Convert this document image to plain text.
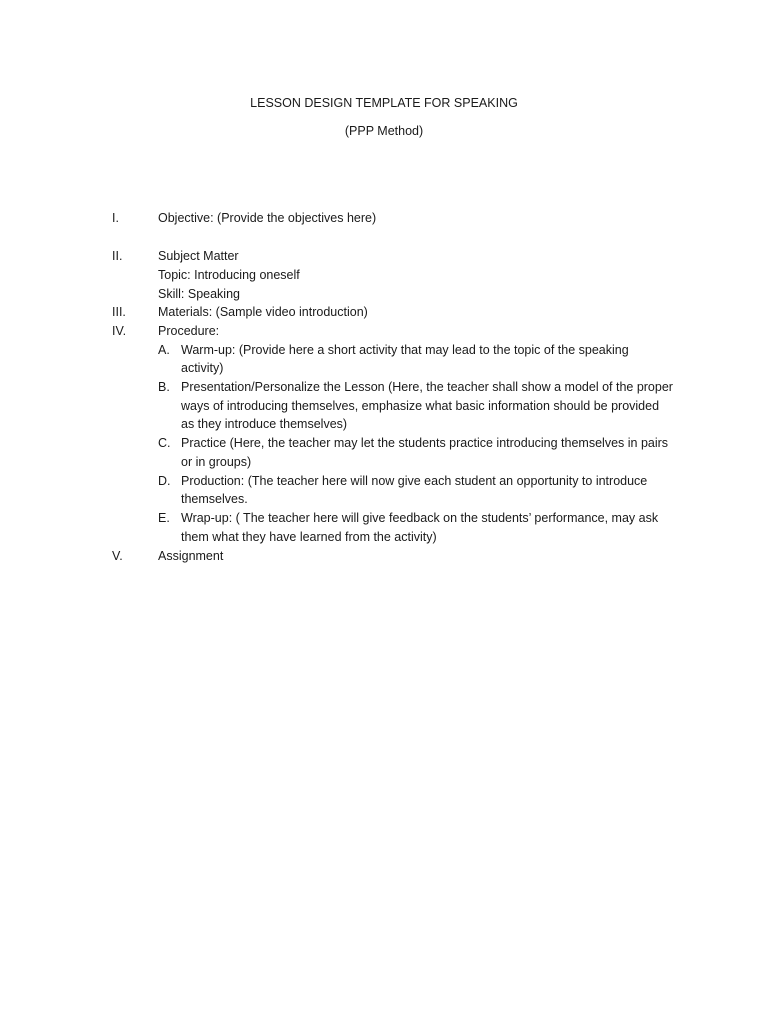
LESSON DESIGN TEMPLATE FOR SPEAKING
(PPP Method)
I.	Objective: (Provide the objectives here)
II.	Subject Matter
Topic: Introducing oneself
Skill: Speaking
III.	Materials: (Sample video introduction)
IV.	Procedure:
A. Warm-up: (Provide here a short activity that may lead to the topic of the speaking
activity)
B. Presentation/Personalize the Lesson (Here, the teacher shall show a model of the proper
ways of introducing themselves, emphasize what basic information should be provided
as they introduce themselves)
C. Practice (Here, the teacher may let the students practice introducing themselves in pairs
or in groups)
D. Production: (The teacher here will now give each student an opportunity to introduce
themselves.
E. Wrap-up: ( The teacher here will give feedback on the students’ performance, may ask
them what they have learned from the activity)
V.	Assignment
